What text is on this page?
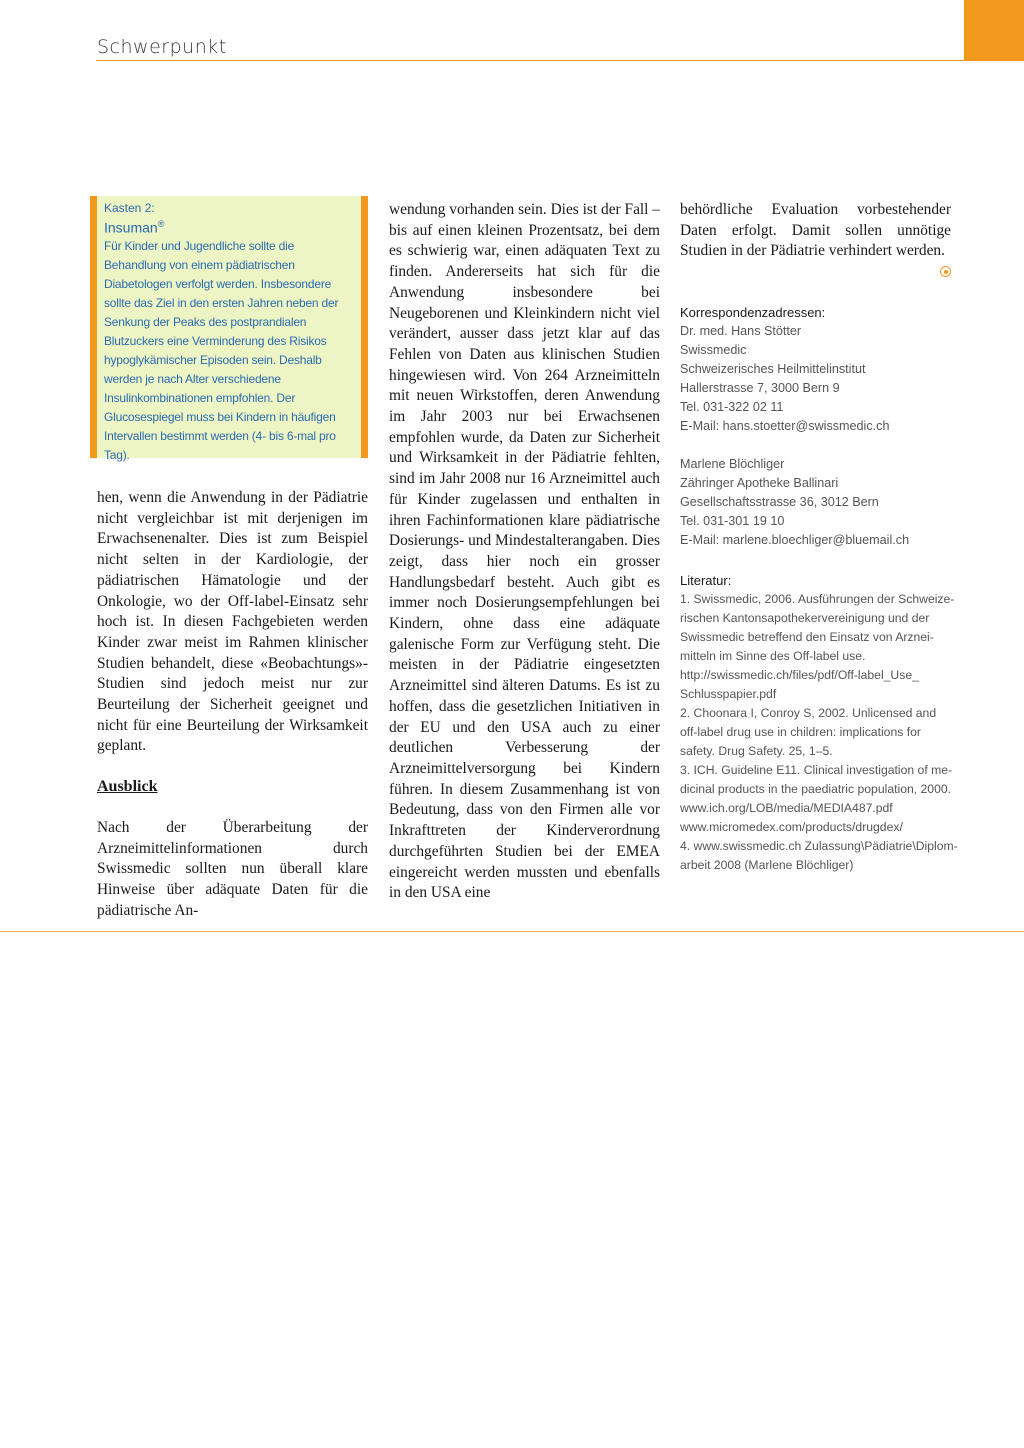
Schwerpunkt
Kasten 2:
Insuman®
Für Kinder und Jugendliche sollte die Behandlung von einem pädiatrischen Diabetologen verfolgt werden. Insbesondere sollte das Ziel in den ersten Jahren neben der Senkung der Peaks des postprandialen Blutzuckers eine Verminderung des Risikos hypoglykämischer Episoden sein. Deshalb werden je nach Alter verschiedene Insulinkombinationen empfohlen. Der Glucosespiegel muss bei Kindern in häufigen Intervallen bestimmt werden (4- bis 6-mal pro Tag).

hen, wenn die Anwendung in der Pädiatrie nicht vergleichbar ist mit derjenigen im Erwachsenenalter. Dies ist zum Beispiel nicht selten in der Kardiologie, der pädiatrischen Hämatologie und der Onkologie, wo der Off-label-Einsatz sehr hoch ist. In diesen Fachgebieten werden Kinder zwar meist im Rahmen klinischer Studien behandelt, diese «Beobachtungs»-Studien sind jedoch meist nur zur Beurteilung der Sicherheit geeignet und nicht für eine Beurteilung der Wirksamkeit geplant.

Ausblick

Nach der Überarbeitung der Arzneimittelinformationen durch Swissmedic sollten nun überall klare Hinweise über adäquate Daten für die pädiatrische An-

wendung vorhanden sein. Dies ist der Fall – bis auf einen kleinen Prozentsatz, bei dem es schwierig war, einen adäquaten Text zu finden. Andererseits hat sich für die Anwendung insbesondere bei Neugeborenen und Kleinkindern nicht viel verändert, ausser dass jetzt klar auf das Fehlen von Daten aus klinischen Studien hingewiesen wird. Von 264 Arzneimitteln mit neuen Wirkstoffen, deren Anwendung im Jahr 2003 nur bei Erwachsenen empfohlen wurde, da Daten zur Sicherheit und Wirksamkeit in der Pädiatrie fehlten, sind im Jahr 2008 nur 16 Arzneimittel auch für Kinder zugelassen und enthalten in ihren Fachinformationen klare pädiatrische Dosierungs- und Mindestalterangaben. Dies zeigt, dass hier noch ein grosser Handlungsbedarf besteht. Auch gibt es immer noch Dosierungsempfehlungen bei Kindern, ohne dass eine adäquate galenische Form zur Verfügung steht. Die meisten in der Pädiatrie eingesetzten Arzneimittel sind älteren Datums. Es ist zu hoffen, dass die gesetzlichen Initiativen in der EU und den USA auch zu einer deutlichen Verbesserung der Arzneimittelversorgung bei Kindern führen. In diesem Zusammenhang ist von Bedeutung, dass von den Firmen alle vor Inkrafttreten der Kinderverordnung durchgeführten Studien bei der EMEA eingereicht werden mussten und ebenfalls in den USA eine

behördliche Evaluation vorbestehender Daten erfolgt. Damit sollen unnötige Studien in der Pädiatrie verhindert werden.

Korrespondenzadressen:
Dr. med. Hans Stötter
Swissmedic
Schweizerisches Heilmittelinstitut
Hallerstrasse 7, 3000 Bern 9
Tel. 031-322 02 11
E-Mail: hans.stoetter@swissmedic.ch
Marlene Blöchliger
Zähringer Apotheke Ballinari
Gesellschaftsstrasse 36, 3012 Bern
Tel. 031-301 19 10
E-Mail: marlene.bloechliger@bluemail.ch
Literatur:
1. Swissmedic, 2006. Ausführungen der Schweize-
rischen Kantonsapothekervereinigung und der
Swissmedic betreffend den Einsatz von Arznei-
mitteln im Sinne des Off-label use.
http://swissmedic.ch/files/pdf/Off-label_Use_
Schlusspapier.pdf
2. Choonara I, Conroy S, 2002. Unlicensed and
off-label drug use in children: implications for
safety. Drug Safety. 25, 1–5.
3. ICH. Guideline E11. Clinical investigation of me-
dicinal products in the paediatric population, 2000.
www.ich.org/LOB/media/MEDIA487.pdf
www.micromedex.com/products/drugdex/
4. www.swissmedic.ch Zulassung\Pädiatrie\Diplom-
arbeit 2008 (Marlene Blöchliger)
